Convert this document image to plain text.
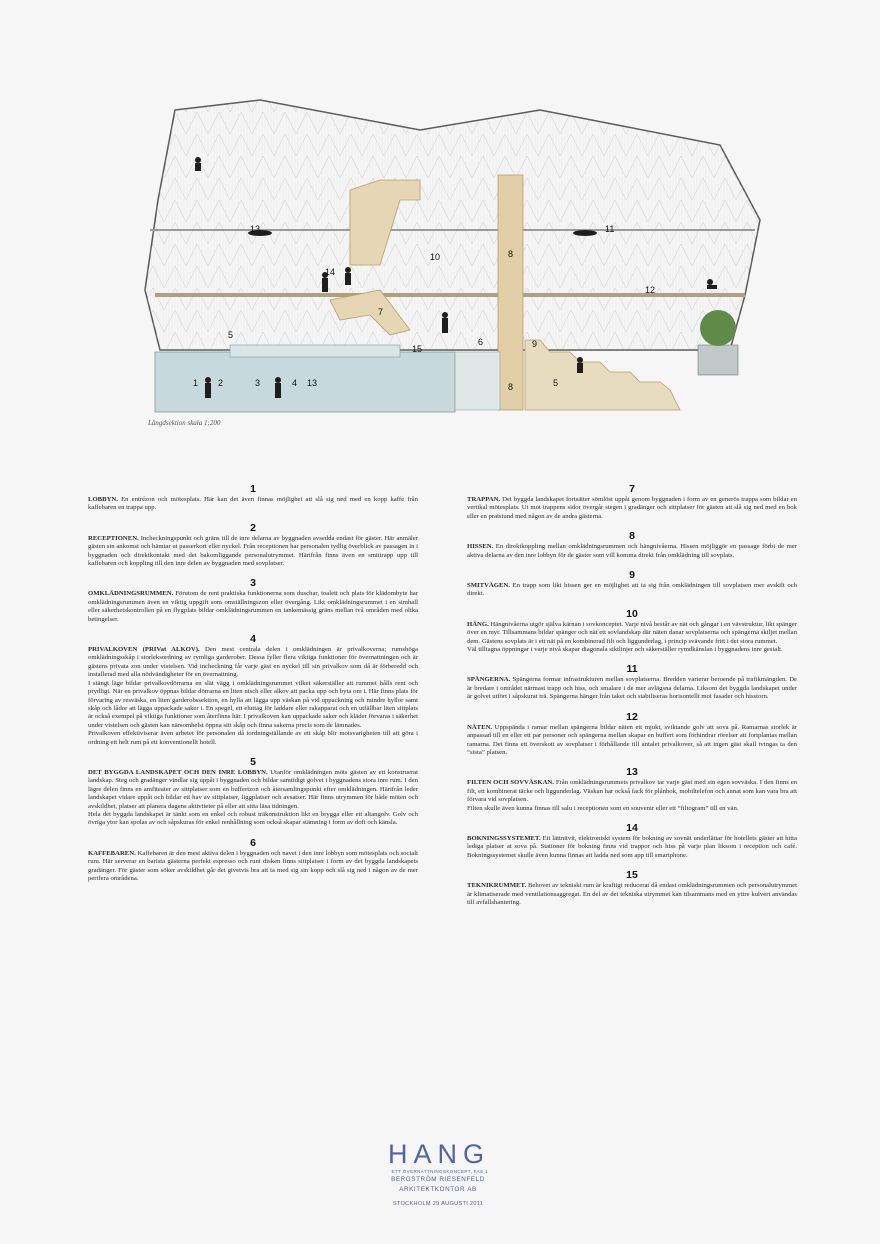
13	11
10	8
14
12
7
5
15
6	9
1 2	3	4 13	8	5
Längdsektion skala 1:200
1
LOBBYN. En entrézon och mötesplats. Här kan det även finnas möjlighet att slå sig ned med en kopp kaffe från kaffebaren en trappa upp.
2
RECEPTIONEN. Incheckningspunkt och gräns till de inre delarna av byggnaden avsedda endast för gäster. Här anmäler gästen sin ankomst och hämtar ut passerkort eller nyckel. Från receptionen har personalen tydlig överblick av passagen in i byggnaden och direktkontakt med det bakomliggande personalutrymmet. Härifrån finns även en smittrapp upp till kaffebaren och koppling till den inre delen av byggnaden med sovplatser.
3
OMKLÄDNINGSRUMMEN. Förutom de rent praktiska funktionerna som duschar, toalett och plats för klädombyte har omklädningsrummen även en viktig uppgift som omställningszon eller övergång. Likt omklädningsrummet i en simhall eller säkerhetskontrollen på en flygplats bildar omklädningsrummen en tankemässig gräns mellan två områden med olika betingelser.
4
PRIVALKOVEN (PRIVat ALKOV). Den mest centrala delen i omklädningen är privalkoverna; rumshöga omklädningsskåp i storleksordning av rymliga garderober. Dessa fyller flera viktiga funktioner för övernattningen och är gästens privata zon under vistelsen. Vid incheckning får varje gäst en nyckel till sin privalkov som då är förberedd och installerad med alla nödvändigheter för en övernattning.
I stängt läge bildar privalkovdörrarna en slät vägg i omklädningsrummet vilket säkerställer att rummet hålls rent och prydligt. När en privalkov öppnas bildar dörrarna en liten nisch eller alkov att packa upp och byta om i. Här finns plats för förvaring av resväska, en liten garderobssektion, en hylla att lägga upp väskan på vid uppackning och mindre hyllor samt skåp och lådor att lägga uppackade saker i. En spegel, ett eluttag för laddare eller rakapparat och en utfällbar liten sittplats är också exempel på viktiga funktioner som återfinns här. I privalkoven kan uppackade saker och kläder förvaras i säkerhet under vistelsen och gästen kan närsomhelst öppna sitt skåp och finna sakerna precis som de lämnades.
Privalkoven effektiviserar även arbetet för personalen då iordningställande av ett skåp blir motsvarigheten till att göra i ordning ett helt rum på ett konventionellt hotell.
5
DET BYGGDA LANDSKAPET OCH DEN INRE LOBBYN. Utanför omklädningen möts gästen av ett konstruerat landskap. Steg och gradänger vindlar sig uppåt i byggnaden och bildar samtidigt golvet i byggnadens stora inre rum. I den lägre delen finns en amfiteater av sittplatser som en buffertzon och återsamlingspunkt efter omklädningen. Härifrån leder landskapet vidare uppåt och bildar ett hav av sittplatser, liggplatser och avsatser. Här finns utrymmen för både möten och avskildhet, platser att planera dagens aktiviteter på eller att sitta läsa tidningen.
Hela det byggda landskapet är tänkt som en enkel och robust träkonstruktion likt en brygga eller ett altangolv. Golv och övriga ytor kan spolas av och såpskuras för enkel renhållning som också skapar stämning i form av doft och känsla.
6
KAFFEBAREN. Kaffebaren är den mest aktiva delen i byggnaden och navet i den inre lobbyn som mötesplats och socialt rum. Här serverar en barista gästerna perfekt espresso och runt disken finns sittplatser i form av det byggda landskapets gradänger. För gäster som söker avskildhet går det givetvis bra att ta med sig sin kopp och slå sig ned i någon av de mer perifera områdena.
7
TRAPPAN. Det byggda landskapet fortsätter sömlöst uppåt genom byggnaden i form av en generös trappa som bildar en vertikal mötesplats. Ut mot trappens sidor övergår stegen i gradänger och sittplatser för gästen att slå sig ned med en bok eller en pratstund med någon av de andra gästerna.
8
HISSEN. En direktkoppling mellan omklädningsrummen och hängnivåerna. Hissen möjliggör en passage förbi de mer aktiva delarna av den inre lobbyn för de gäster som vill komma direkt från omklädning till sovplats.
9
SMITVÄGEN. En trapp som likt hissen ger en möjlighet att ta sig från omklädningen till sovplatsen mer avskilt och direkt.
10
HÄNG. Hängnivåerna utgör själva kärnan i sovkonceptet. Varje nivå består av nät och gångar i en vävstruktur, likt spänger över en myr. Tillsammans bildar spänger och nät ett sovlandskap där näten danar sovplatserna och spängerna skiljet mellan dem. Gästens sovplats är i ett nät på en kombinerad filt och liggunderlag, i princip svävande fritt i det stora rummet.
Väl tilltagna öppningar i varje nivå skapar diagonala siktlinjer och säkerställer rymdkänslan i byggnadens inre gestalt.
11
SPÄNGERNA. Spängerna formar infrastrukturen mellan sovplatserna. Bredden varierar beroende på trafikmängden. De är bredare i området närmast trapp och hiss, och smalare i de mer avlägsna delarna. Liksom det byggda landskapet under är golvet utfört i såpskurat trä. Spängerna hänger från taket och stabiliseras horisontellt mot fasader och hisstorn.
12
NÄTEN. Uppspända i ramar mellan spängerna bildar näten ett mjukt, sviktande golv att sova på. Ramarnas storlek är anpassad till en eller ett par personer och spängerna mellan skapar en buffert som förhindrar rörelser att fortplantas mellan ramarna. Det finns ett överskott av sovplatser i förhållande till antalet privalkover, så att ingen gäst skall tvingas ta den “sista” platsen.
13
FILTEN OCH SOVVÄSKAN. Från omklädningsrummets privalkov tar varje gäst med sin egen sovväska. I den finns en filt, ett kombinerat täcke och liggunderlag. Väskan har också fack för plånbok, mobiltelefon och annat som kan vara bra att förvara vid sovplatsen.
Filten skulle även kunna finnas till salu i receptionen som en souvenir eller ett “filtogram” till en vän.
14
BOKNINGSSYSTEMET. Ett lättnitvit, elektroniskt system för bokning av sovnät underlättar för hotellets gäster att hitta lediga platser at sova på. Stationer för bokning finns vid trappor och hiss på varje plan liksom i reception och café. Bokningssystemet skulle även kunna finnas att ladda ned som app till smartphone.
15
TEKNIKRUMMET. Behovet av tekniskt rum är kraftigt reducerat då endast omklädningsrummen och personalutrymmet är klimatiserade med ventilationsaggregat. En del av det tekniska utrymmet kan tilsammans med en yttre kulvert användas till avfallshantering.
HANG
ETT ÖVERNATTNINGSKONCEPT, FAS 1
BERGSTRÖM RIESENFELD
ARKITEKTKONTOR AB
STOCKHOLM 29 AUGUSTI 2011
